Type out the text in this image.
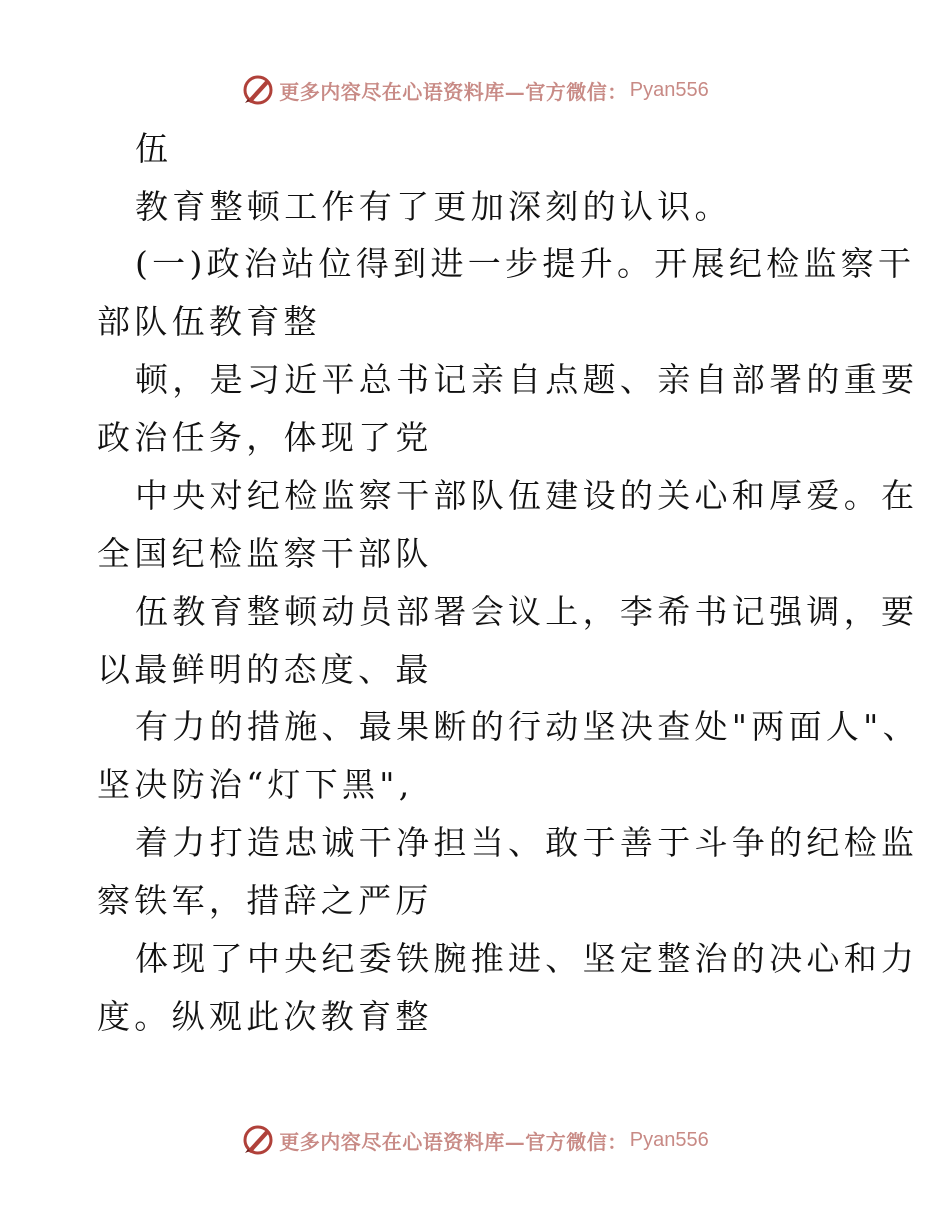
更多内容尽在心语资料库—官方微信： Pyan556
伍
教育整顿工作有了更加深刻的认识。
(一)政治站位得到进一步提升。开展纪检监察干
部队伍教育整
顿，是习近平总书记亲自点题、亲自部署的重要
政治任务，体现了党
中央对纪检监察干部队伍建设的关心和厚爱。在
全国纪检监察干部队
伍教育整顿动员部署会议上，李希书记强调，要
以最鲜明的态度、最
有力的措施、最果断的行动坚决查处"两面人"、
坚决防治“灯下黑",
着力打造忠诚干净担当、敢于善于斗争的纪检监
察铁军，措辞之严厉
体现了中央纪委铁腕推进、坚定整治的决心和力
度。纵观此次教育整
更多内容尽在心语资料库—官方微信： Pyan556
